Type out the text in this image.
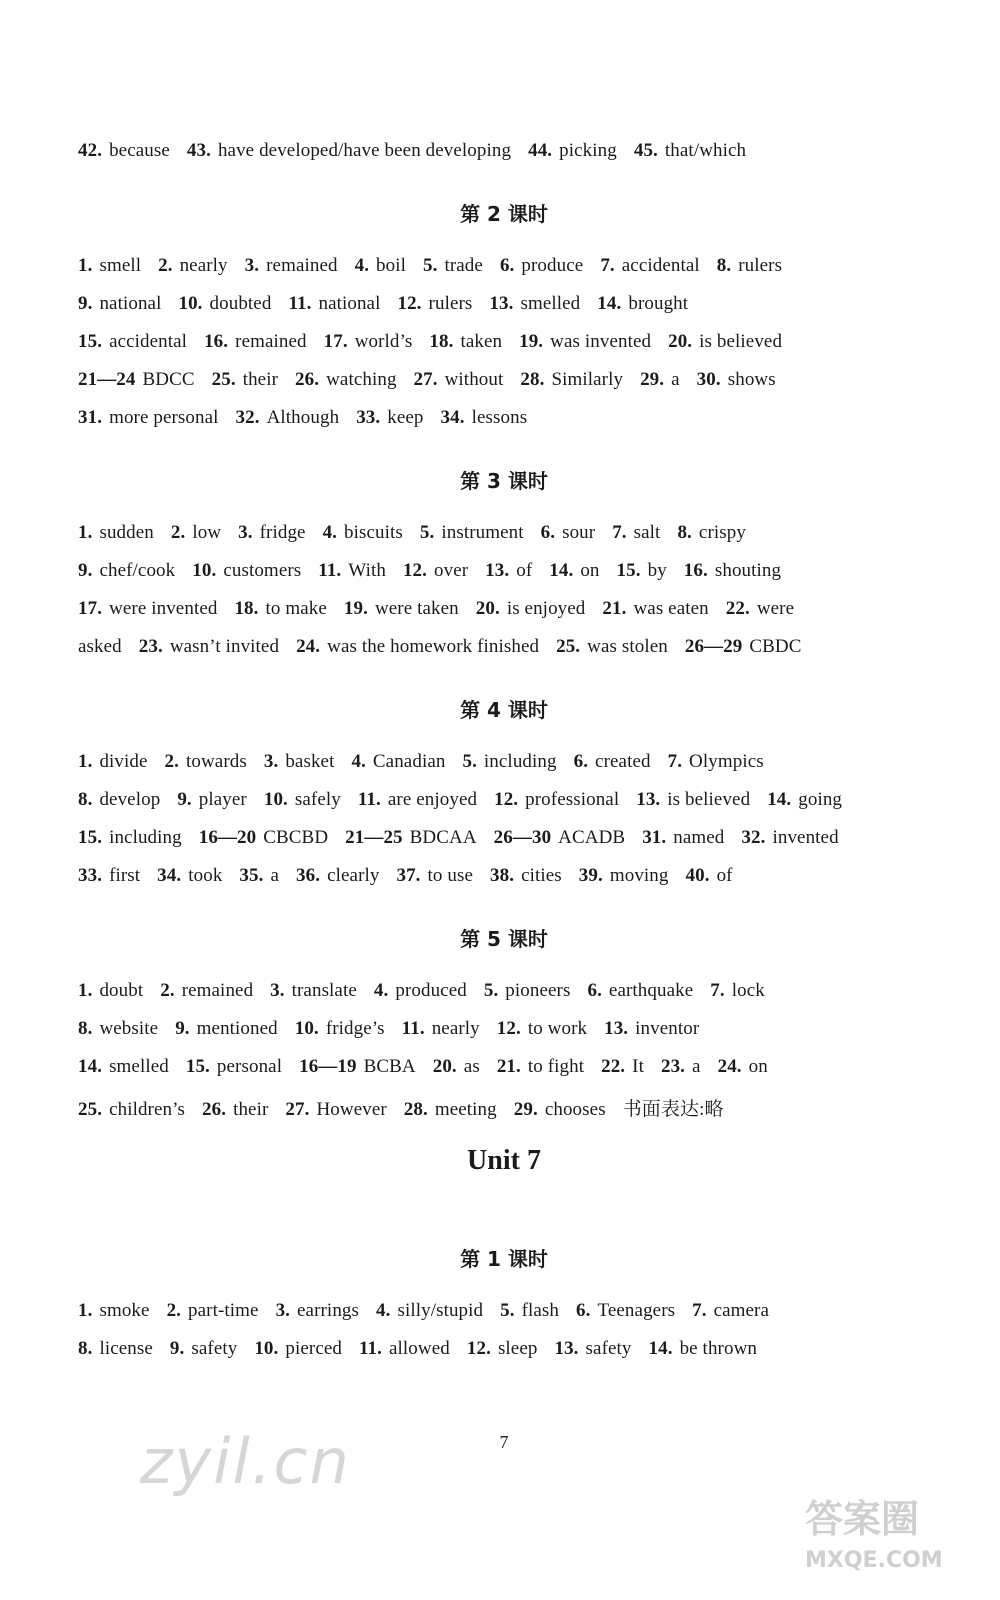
42. because 43. have developed/have been developing 44. picking 45. that/which
第 2 课时
1. smell 2. nearly 3. remained 4. boil 5. trade 6. produce 7. accidental 8. rulers
9. national 10. doubted 11. national 12. rulers 13. smelled 14. brought
15. accidental 16. remained 17. world’s 18. taken 19. was invented 20. is believed
21—24 BDCC 25. their 26. watching 27. without 28. Similarly 29. a 30. shows
31. more personal 32. Although 33. keep 34. lessons
第 3 课时
1. sudden 2. low 3. fridge 4. biscuits 5. instrument 6. sour 7. salt 8. crispy
9. chef/cook 10. customers 11. With 12. over 13. of 14. on 15. by 16. shouting
17. were invented 18. to make 19. were taken 20. is enjoyed 21. was eaten 22. were
asked 23. wasn’t invited 24. was the homework finished 25. was stolen 26—29 CBDC
第 4 课时
1. divide 2. towards 3. basket 4. Canadian 5. including 6. created 7. Olympics
8. develop 9. player 10. safely 11. are enjoyed 12. professional 13. is believed 14. going
15. including 16—20 CBCBD 21—25 BDCAA 26—30 ACADB 31. named 32. invented
33. first 34. took 35. a 36. clearly 37. to use 38. cities 39. moving 40. of
第 5 课时
1. doubt 2. remained 3. translate 4. produced 5. pioneers 6. earthquake 7. lock
8. website 9. mentioned 10. fridge’s 11. nearly 12. to work 13. inventor
14. smelled 15. personal 16—19 BCBA 20. as 21. to fight 22. It 23. a 24. on
25. children’s 26. their 27. However 28. meeting 29. chooses 书面表达:略
Unit 7
第 1 课时
1. smoke 2. part-time 3. earrings 4. silly/stupid 5. flash 6. Teenagers 7. camera
8. license 9. safety 10. pierced 11. allowed 12. sleep 13. safety 14. be thrown
7
zyil.cn
答案圈
MXQE.COM
